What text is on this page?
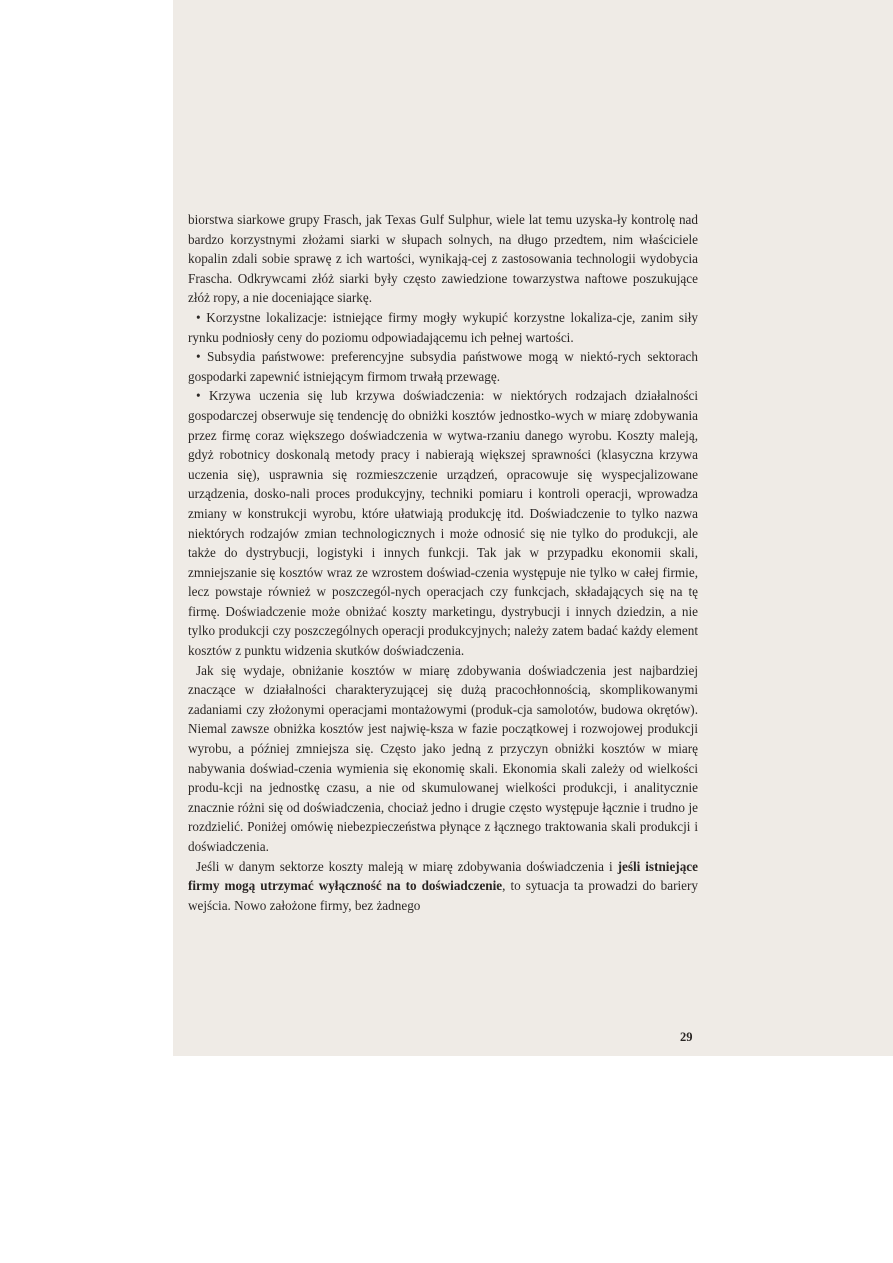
biorstwa siarkowe grupy Frasch, jak Texas Gulf Sulphur, wiele lat temu uzyska-ły kontrolę nad bardzo korzystnymi złożami siarki w słupach solnych, na długo przedtem, nim właściciele kopalin zdali sobie sprawę z ich wartości, wynikają-cej z zastosowania technologii wydobycia Frascha. Odkrywcami złóż siarki były często zawiedzione towarzystwa naftowe poszukujące złóż ropy, a nie doceniające siarkę.

• Korzystne lokalizacje: istniejące firmy mogły wykupić korzystne lokaliza-cje, zanim siły rynku podniosły ceny do poziomu odpowiadającemu ich pełnej wartości.

• Subsydia państwowe: preferencyjne subsydia państwowe mogą w niektó-rych sektorach gospodarki zapewnić istniejącym firmom trwałą przewagę.

• Krzywa uczenia się lub krzywa doświadczenia: w niektórych rodzajach działalności gospodarczej obserwuje się tendencję do obniżki kosztów jednostko-wych w miarę zdobywania przez firmę coraz większego doświadczenia w wytwa-rzaniu danego wyrobu. Koszty maleją, gdyż robotnicy doskonalą metody pracy i nabierają większej sprawności (klasyczna krzywa uczenia się), usprawnia się rozmieszczenie urządzeń, opracowuje się wyspecjalizowane urządzenia, dosko-nali proces produkcyjny, techniki pomiaru i kontroli operacji, wprowadza zmiany w konstrukcji wyrobu, które ułatwiają produkcję itd. Doświadczenie to tylko nazwa niektórych rodzajów zmian technologicznych i może odnosić się nie tylko do produkcji, ale także do dystrybucji, logistyki i innych funkcji. Tak jak w przypadku ekonomii skali, zmniejszanie się kosztów wraz ze wzrostem doświad-czenia występuje nie tylko w całej firmie, lecz powstaje również w poszczegól-nych operacjach czy funkcjach, składających się na tę firmę. Doświadczenie może obniżać koszty marketingu, dystrybucji i innych dziedzin, a nie tylko produkcji czy poszczególnych operacji produkcyjnych; należy zatem badać każdy element kosztów z punktu widzenia skutków doświadczenia.

Jak się wydaje, obniżanie kosztów w miarę zdobywania doświadczenia jest najbardziej znaczące w działalności charakteryzującej się dużą pracochłonnością, skomplikowanymi zadaniami czy złożonymi operacjami montażowymi (produk-cja samolotów, budowa okrętów). Niemal zawsze obniżka kosztów jest najwię-ksza w fazie początkowej i rozwojowej produkcji wyrobu, a później zmniejsza się. Często jako jedną z przyczyn obniżki kosztów w miarę nabywania doświad-czenia wymienia się ekonomię skali. Ekonomia skali zależy od wielkości produ-kcji na jednostkę czasu, a nie od skumulowanej wielkości produkcji, i analitycznie znacznie różni się od doświadczenia, chociaż jedno i drugie często występuje łącznie i trudno je rozdzielić. Poniżej omówię niebezpieczeństwa płynące z łącznego traktowania skali produkcji i doświadczenia.

Jeśli w danym sektorze koszty maleją w miarę zdobywania doświadczenia i jeśli istniejące firmy mogą utrzymać wyłączność na to doświadczenie, to sytuacja ta prowadzi do bariery wejścia. Nowo założone firmy, bez żadnego

29
